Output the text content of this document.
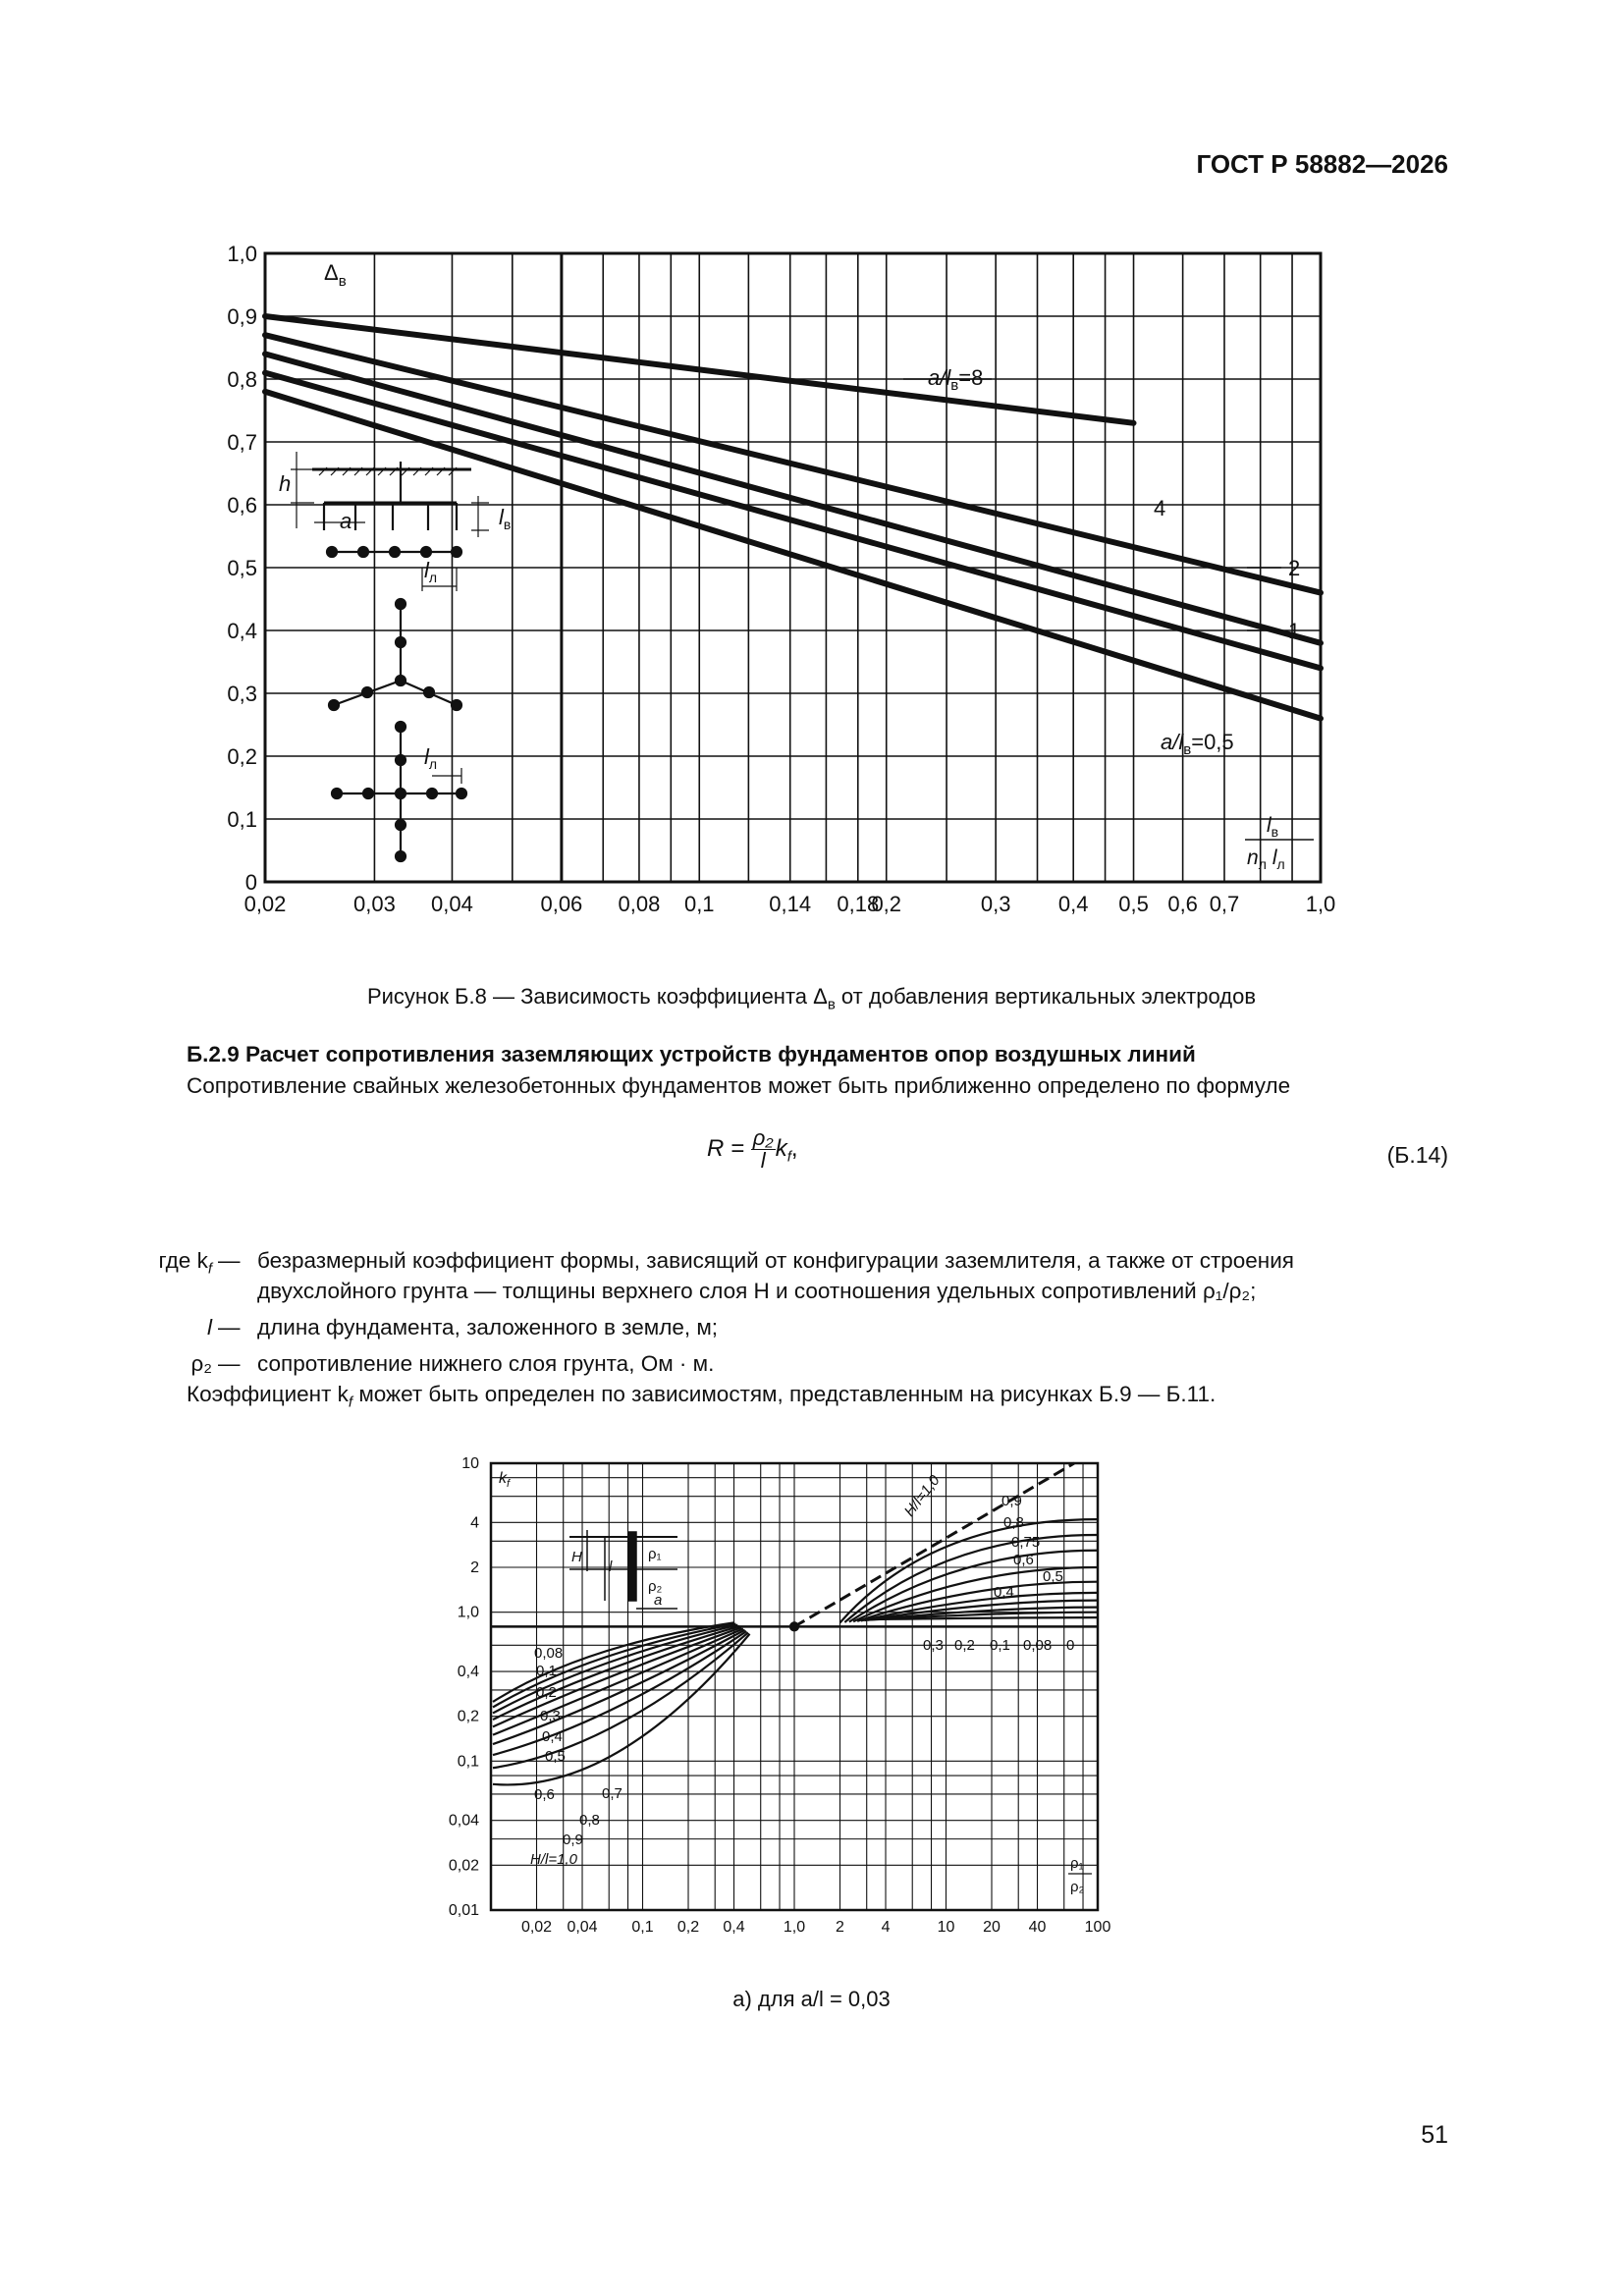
ГОСТ Р 58882—2026
1,0
0,9
0,8
0,7
0,6
0,5
0,4
0,3
0,2
0,1
0
0,02	0,03 0,04	0,06 0,08 0,1	0,14 0,18
0,2	0,3 0,4 0,5 0,6 0,7	1,0
$\Delta_в$
$a/l_в=8$
4
2
1
$a/l_в=0,5$
$l_в$
$n_л$ $l_л$
h
a	$l_в$
$l_л$
$l_л$
Рисунок Б.8 — Зависимость коэффициента $\Delta_в$ от добавления вертикальных электродов
Б.2.9 Расчет сопротивления заземляющих устройств фундаментов опор воздушных линий
Сопротивление свайных железобетонных фундаментов может быть приближенно определено по формуле
$R = \frac{\text{ρ₂}}{l} k_f$,	(Б.14)
где $k_f$ — безразмерный коэффициент формы, зависящий от конфигурации заземлителя, а также от строения
двухслойного грунта — толщины верхнего слоя H и соотношения удельных сопротивлений ρ₁/ρ₂;
l — длина фундамента, заложенного в земле, м;
ρ₂ — сопротивление нижнего слоя грунта, Ом · м.
Коэффициент $k_f$ может быть определен по зависимостям, представленным на рисунках Б.9 — Б.11.
10
4
2
1,0
0,4
0,2
0,1
0,04
0,02
0,01
0,02 0,04 0,1 0,2 0,4 1,0 2 4	10 20 40 100
$k_f$	H/l=1,0	0,9
0,8
0,75
0,6
0,5
0,4
0,3 0,2 0,1 0,08 0
0,08
0,1
0,2
0,3
0,4
0,5
0,6	0,7
0,8
0,9
H/l=1,0	ρ₁
ρ₂
H
l
ρ₁
ρ₂
a
а) для a/l = 0,03
51
